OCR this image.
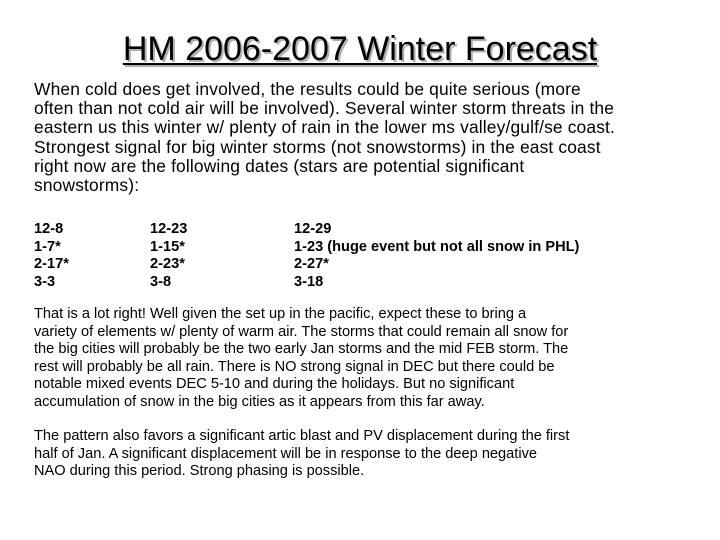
HM 2006-2007 Winter Forecast
When cold does get involved, the results could be quite serious (more
often than not cold air will be involved). Several winter storm threats in the
eastern us this winter w/ plenty of rain in the lower ms valley/gulf/se coast.
Strongest signal for big winter storms (not snowstorms) in the east coast
right now are the following dates (stars are potential significant
snowstorms):
12-8
1-7*
2-17*
3-3
12-23
1-15*
2-23*
3-8
12-29
1-23 (huge event but not all snow in PHL)
2-27*
3-18
That is a lot right! Well given the set up in the pacific, expect these to bring a
variety of elements w/ plenty of warm air. The storms that could remain all snow for
the big cities will probably be the two early Jan storms and the mid FEB storm. The
rest will probably be all rain. There is NO strong signal in DEC but there could be
notable mixed events DEC 5-10 and during the holidays. But no significant
accumulation of snow in the big cities as it appears from this far away.
The pattern also favors a significant artic blast and PV displacement during the first
half of Jan. A significant displacement will be in response to the deep negative
NAO during this period. Strong phasing is possible.
